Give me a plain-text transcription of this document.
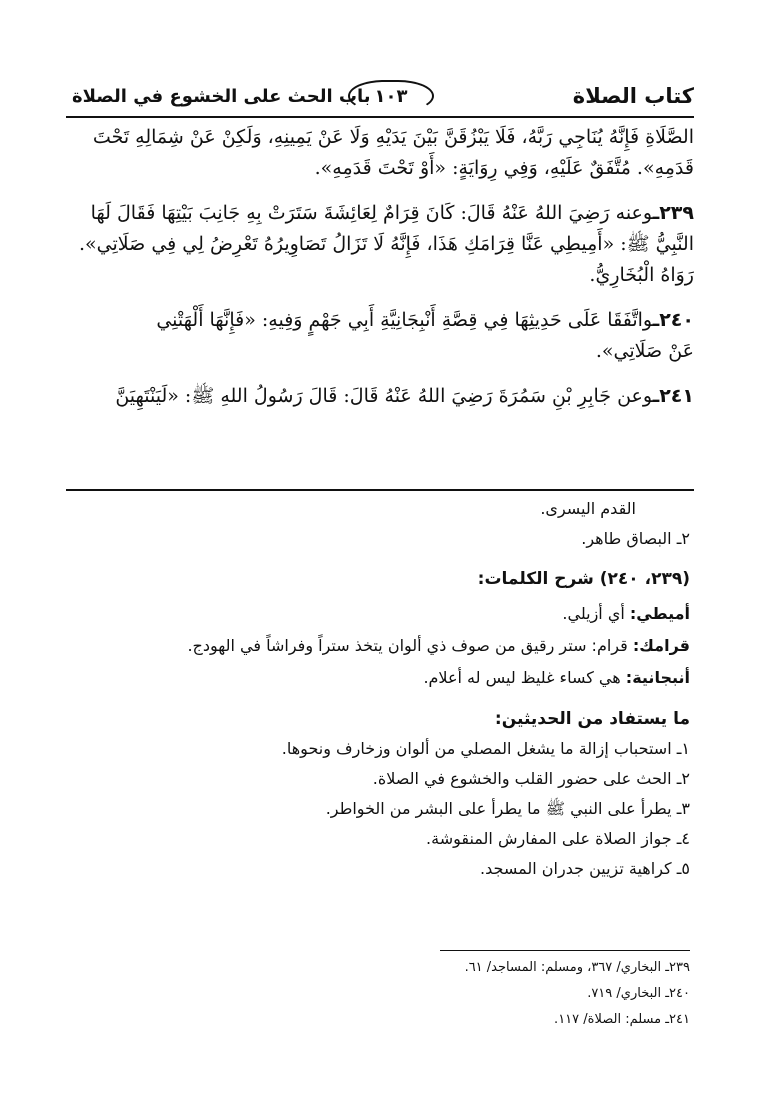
كتاب الصلاة
١٠٣
باب الحث على الخشوع في الصلاة

الصَّلَاةِ فَإِنَّهُ يُنَاجِي رَبَّهُ، فَلَا يَبْزُقَنَّ بَيْنَ يَدَيْهِ وَلَا عَنْ يَمِينِهِ، وَلَكِنْ عَنْ شِمَالِهِ تَحْتَ

قَدَمِهِ». مُتَّفَقٌ عَلَيْهِ، وَفِي رِوَايَةٍ: «أَوْ تَحْتَ قَدَمِهِ».

٢٣٩ـوعنه رَضِيَ اللهُ عَنْهُ قَالَ: كَانَ قِرَامٌ لِعَائِشَةَ سَتَرَتْ بِهِ جَانِبَ بَيْتِهَا فَقَالَ لَهَا

النَّبِيُّ ﷺ: «أَمِيطِي عَنَّا قِرَامَكِ هَذَا، فَإِنَّهُ لَا تَزَالُ تَصَاوِيرُهُ تَعْرِضُ لِي فِي صَلَاتِي».

رَوَاهُ الْبُخَارِيُّ.

٢٤٠ـواتَّفَقَا عَلَى حَدِيثِهَا فِي قِصَّةِ أَنْبِجَانِيَّةِ أَبِي جَهْمٍ وَفِيهِ: «فَإِنَّهَا أَلْهَتْنِي

عَنْ صَلَاتِي».

٢٤١ـوعن جَابِرِ بْنِ سَمُرَةَ رَضِيَ اللهُ عَنْهُ قَالَ: قَالَ رَسُولُ اللهِ ﷺ: «لَيَنْتَهِيَنَّ

القدم اليسرى.

٢ـ البصاق طاهر.

(٢٣٩، ٢٤٠) شرح الكلمات:
أميطي: أي أزيلي.
قرامك: قرام: ستر رقيق من صوف ذي ألوان يتخذ ستراً وفراشاً في الهودج.
أنبجانية: هي كساء غليظ ليس له أعلام.
ما يستفاد من الحديثين:
١ـ استحباب إزالة ما يشغل المصلي من ألوان وزخارف ونحوها.
٢ـ الحث على حضور القلب والخشوع في الصلاة.
٣ـ يطرأ على النبي ﷺ ما يطرأ على البشر من الخواطر.
٤ـ جواز الصلاة على المفارش المنقوشة.
٥ـ كراهية تزيين جدران المسجد.

٢٣٩ـ البخاري/ ٣٦٧، ومسلم: المساجد/ ٦١.

٢٤٠ـ البخاري/ ٧١٩.

٢٤١ـ مسلم: الصلاة/ ١١٧.
